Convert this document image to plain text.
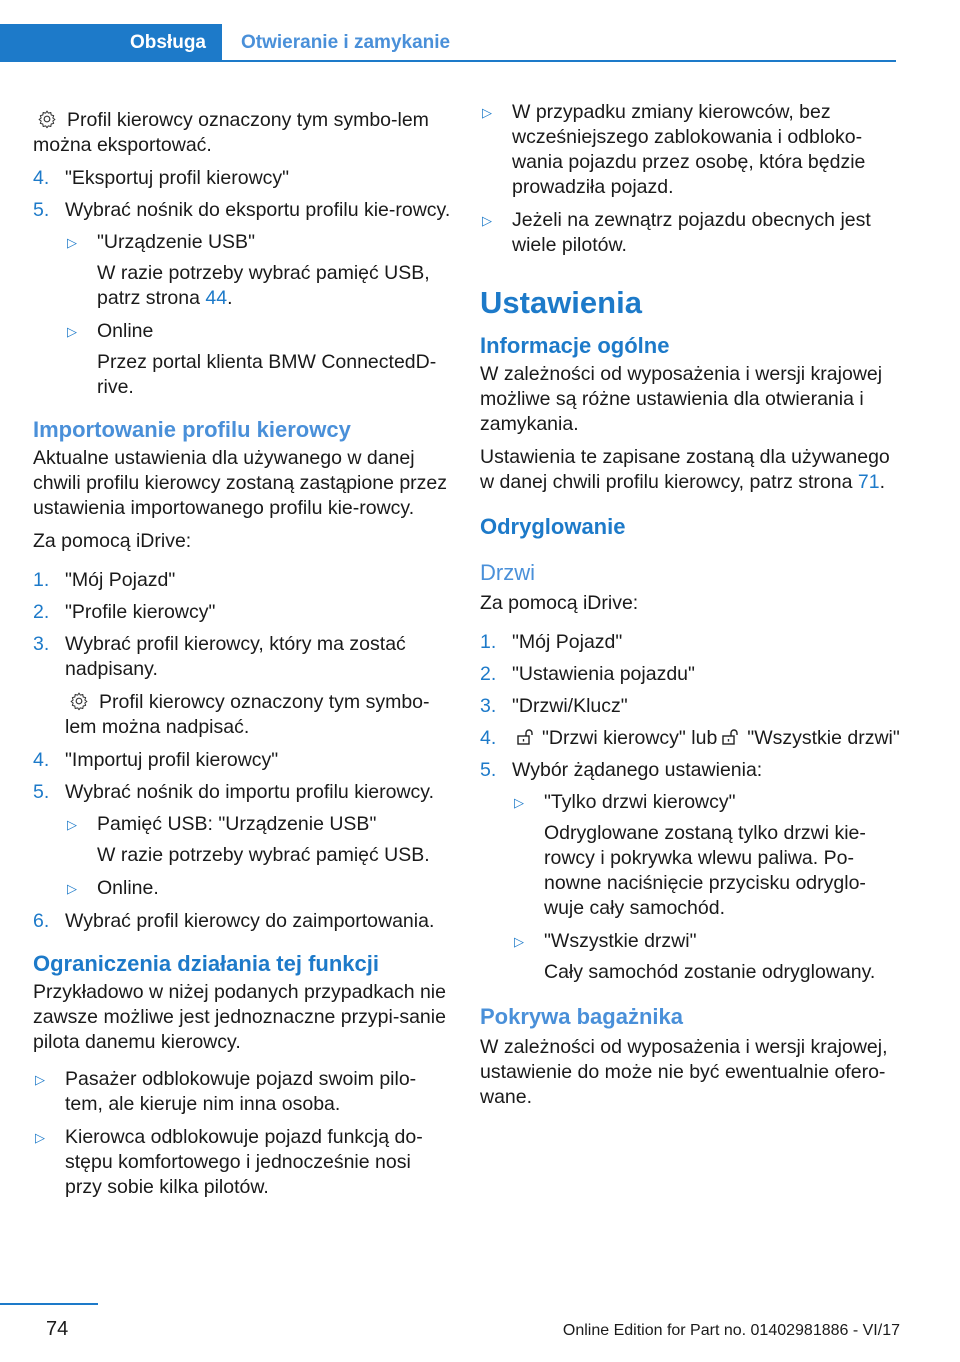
Obsługa	Otwieranie i zamykanie

Profil kierowcy oznaczony tym symbo-lem można eksportować.

4. "Eksportuj profil kierowcy"

5. Wybrać nośnik do eksportu profilu kie-rowcy.

▷ "Urządzenie USB"

W razie potrzeby wybrać pamięć USB, patrz strona 44.

▷ Online

Przez portal klienta BMW ConnectedD-rive.

Importowanie profilu kierowcy

Aktualne ustawienia dla używanego w danej chwili profilu kierowcy zostaną zastąpione przez ustawienia importowanego profilu kie-rowcy.

Za pomocą iDrive:

1. "Mój Pojazd"

2. "Profile kierowcy"

3. Wybrać profil kierowcy, który ma zostać nadpisany.

Profil kierowcy oznaczony tym symbo-lem można nadpisać.

4. "Importuj profil kierowcy"

5. Wybrać nośnik do importu profilu kierowcy.

▷ Pamięć USB: "Urządzenie USB"

W razie potrzeby wybrać pamięć USB.

▷ Online.

6. Wybrać profil kierowcy do zaimportowania.

Ograniczenia działania tej funkcji

Przykładowo w niżej podanych przypadkach nie zawsze możliwe jest jednoznaczne przypi-sanie pilota danemu kierowcy.

▷ Pasażer odblokowuje pojazd swoim pilo-tem, ale kieruje nim inna osoba.

▷ Kierowca odblokowuje pojazd funkcją do-stępu komfortowego i jednocześnie nosi przy sobie kilka pilotów.

▷ W przypadku zmiany kierowców, bez wcześniejszego zablokowania i odbloko-wania pojazdu przez osobę, która będzie prowadziła pojazd.

▷ Jeżeli na zewnątrz pojazdu obecnych jest wiele pilotów.

Ustawienia
Informacje ogólne

W zależności od wyposażenia i wersji krajowej możliwe są różne ustawienia dla otwierania i zamykania.

Ustawienia te zapisane zostaną dla używanego w danej chwili profilu kierowcy, patrz strona 71.

Odryglowanie
Drzwi

Za pomocą iDrive:

1. "Mój Pojazd"

2. "Ustawienia pojazdu"

3. "Drzwi/Klucz"

4.	"Drzwi kierowcy" lub "Wszystkie drzwi"

5. Wybór żądanego ustawienia:

▷ "Tylko drzwi kierowcy"

Odryglowane zostaną tylko drzwi kie-rowcy i pokrywka wlewu paliwa. Po-nowne naciśnięcie przycisku odryglo-wuje cały samochód.

▷ "Wszystkie drzwi"

Cały samochód zostanie odryglowany.

Pokrywa bagażnika

W zależności od wyposażenia i wersji krajowej, ustawienie do może nie być ewentualnie ofero-wane.

74	Online Edition for Part no. 01402981886 - VI/17
